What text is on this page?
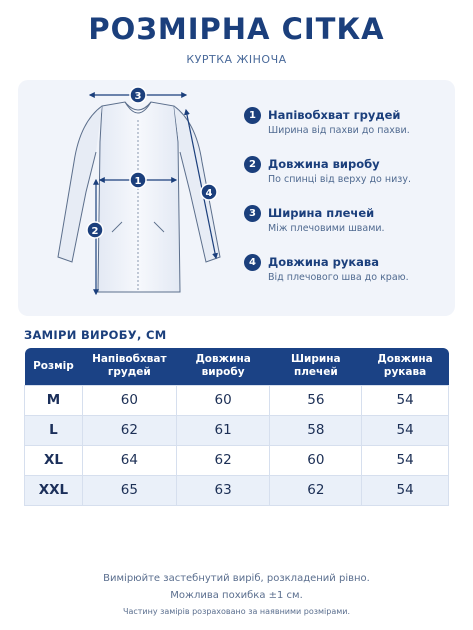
РОЗМІРНА СІТКА
КУРТКА ЖІНОЧА
3
1
2
4
1	Напівобхват грудей
Ширина від пахви до пахви.
2	Довжина виробу
По спинці від верху до низу.
3	Ширина плечей
Між плечовими швами.
4	Довжина рукава
Від плечового шва до краю.
ЗАМІРИ ВИРОБУ, СМ
Розмір	Напівобхват грудей	Довжина виробу	Ширина плечей	Довжина рукава
M	60	60	56	54
L	62	61	58	54
XL	64	62	60	54
XXL	65	63	62	54
Вимірюйте застебнутий виріб, розкладений рівно.
Можлива похибка ±1 см.
Частину замірів розраховано за наявними розмірами.
